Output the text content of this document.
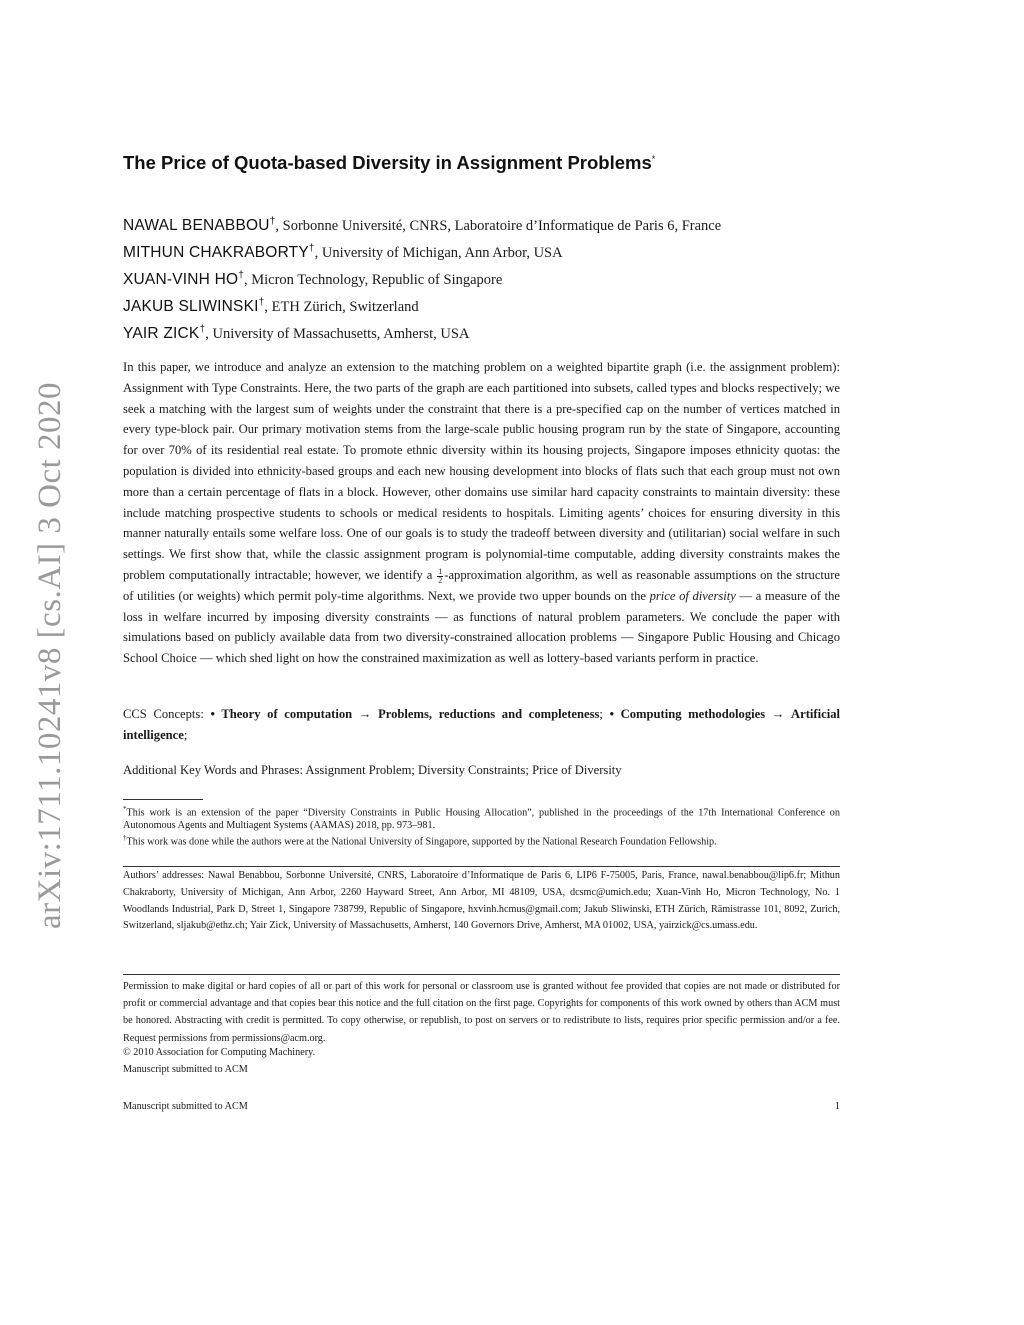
arXiv:1711.10241v8 [cs.AI] 3 Oct 2020
The Price of Quota-based Diversity in Assignment Problems*
NAWAL BENABBOU†, Sorbonne Université, CNRS, Laboratoire d’Informatique de Paris 6, France
MITHUN CHAKRABORTY†, University of Michigan, Ann Arbor, USA
XUAN-VINH HO†, Micron Technology, Republic of Singapore
JAKUB SLIWINSKI†, ETH Zürich, Switzerland
YAIR ZICK†, University of Massachusetts, Amherst, USA

In this paper, we introduce and analyze an extension to the matching problem on a weighted bipartite graph (i.e. the assignment problem): Assignment with Type Constraints. Here, the two parts of the graph are each partitioned into subsets, called types and blocks respectively; we seek a matching with the largest sum of weights under the constraint that there is a pre-specified cap on the number of vertices matched in every type-block pair. Our primary motivation stems from the large-scale public housing program run by the state of Singapore, accounting for over 70% of its residential real estate. To promote ethnic diversity within its housing projects, Singapore imposes ethnicity quotas: the population is divided into ethnicity-based groups and each new housing development into blocks of flats such that each group must not own more than a certain percentage of flats in a block. However, other domains use similar hard capacity constraints to maintain diversity: these include matching prospective students to schools or medical residents to hospitals. Limiting agents’ choices for ensuring diversity in this manner naturally entails some welfare loss. One of our goals is to study the tradeoff between diversity and (utilitarian) social welfare in such settings. We first show that, while the classic assignment program is polynomial-time computable, adding diversity constraints makes the problem computationally intractable; however, we identify a $\frac{1}{2}$ -approximation algorithm, as well as reasonable assumptions on the structure of utilities (or weights) which permit poly-time algorithms. Next, we provide two upper bounds on the price of diversity — a measure of the loss in welfare incurred by imposing diversity constraints — as functions of natural problem parameters. We conclude the paper with simulations based on publicly available data from two diversity-constrained allocation problems — Singapore Public Housing and Chicago School Choice — which shed light on how the constrained maximization as well as lottery-based variants perform in practice.

CCS Concepts: • Theory of computation → Problems, reductions and completeness; • Computing methodologies → Artificial intelligence;

Additional Key Words and Phrases: Assignment Problem; Diversity Constraints; Price of Diversity

*This work is an extension of the paper “Diversity Constraints in Public Housing Allocation”, published in the proceedings of the 17th International Conference on Autonomous Agents and Multiagent Systems (AAMAS) 2018, pp. 973–981.

†This work was done while the authors were at the National University of Singapore, supported by the National Research Foundation Fellowship.

Authors’ addresses: Nawal Benabbou, Sorbonne Université, CNRS, Laboratoire d’Informatique de Paris 6, LIP6 F-75005, Paris, France, nawal.benabbou@lip6.fr; Mithun Chakraborty, University of Michigan, Ann Arbor, 2260 Hayward Street, Ann Arbor, MI 48109, USA, dcsmc@umich.edu; Xuan-Vinh Ho, Micron Technology, No. 1 Woodlands Industrial, Park D, Street 1, Singapore 738799, Republic of Singapore, hxvinh.hcmus@gmail.com; Jakub Sliwinski, ETH Zürich, Rämistrasse 101, 8092, Zurich, Switzerland, sljakub@ethz.ch; Yair Zick, University of Massachusetts, Amherst, 140 Governors Drive, Amherst, MA 01002, USA, yairzick@cs.umass.edu.

Permission to make digital or hard copies of all or part of this work for personal or classroom use is granted without fee provided that copies are not made or distributed for profit or commercial advantage and that copies bear this notice and the full citation on the first page. Copyrights for components of this work owned by others than ACM must be honored. Abstracting with credit is permitted. To copy otherwise, or republish, to post on servers or to redistribute to lists, requires prior specific permission and/or a fee. Request permissions from permissions@acm.org.

© 2010 Association for Computing Machinery.

Manuscript submitted to ACM

Manuscript submitted to ACM	1
